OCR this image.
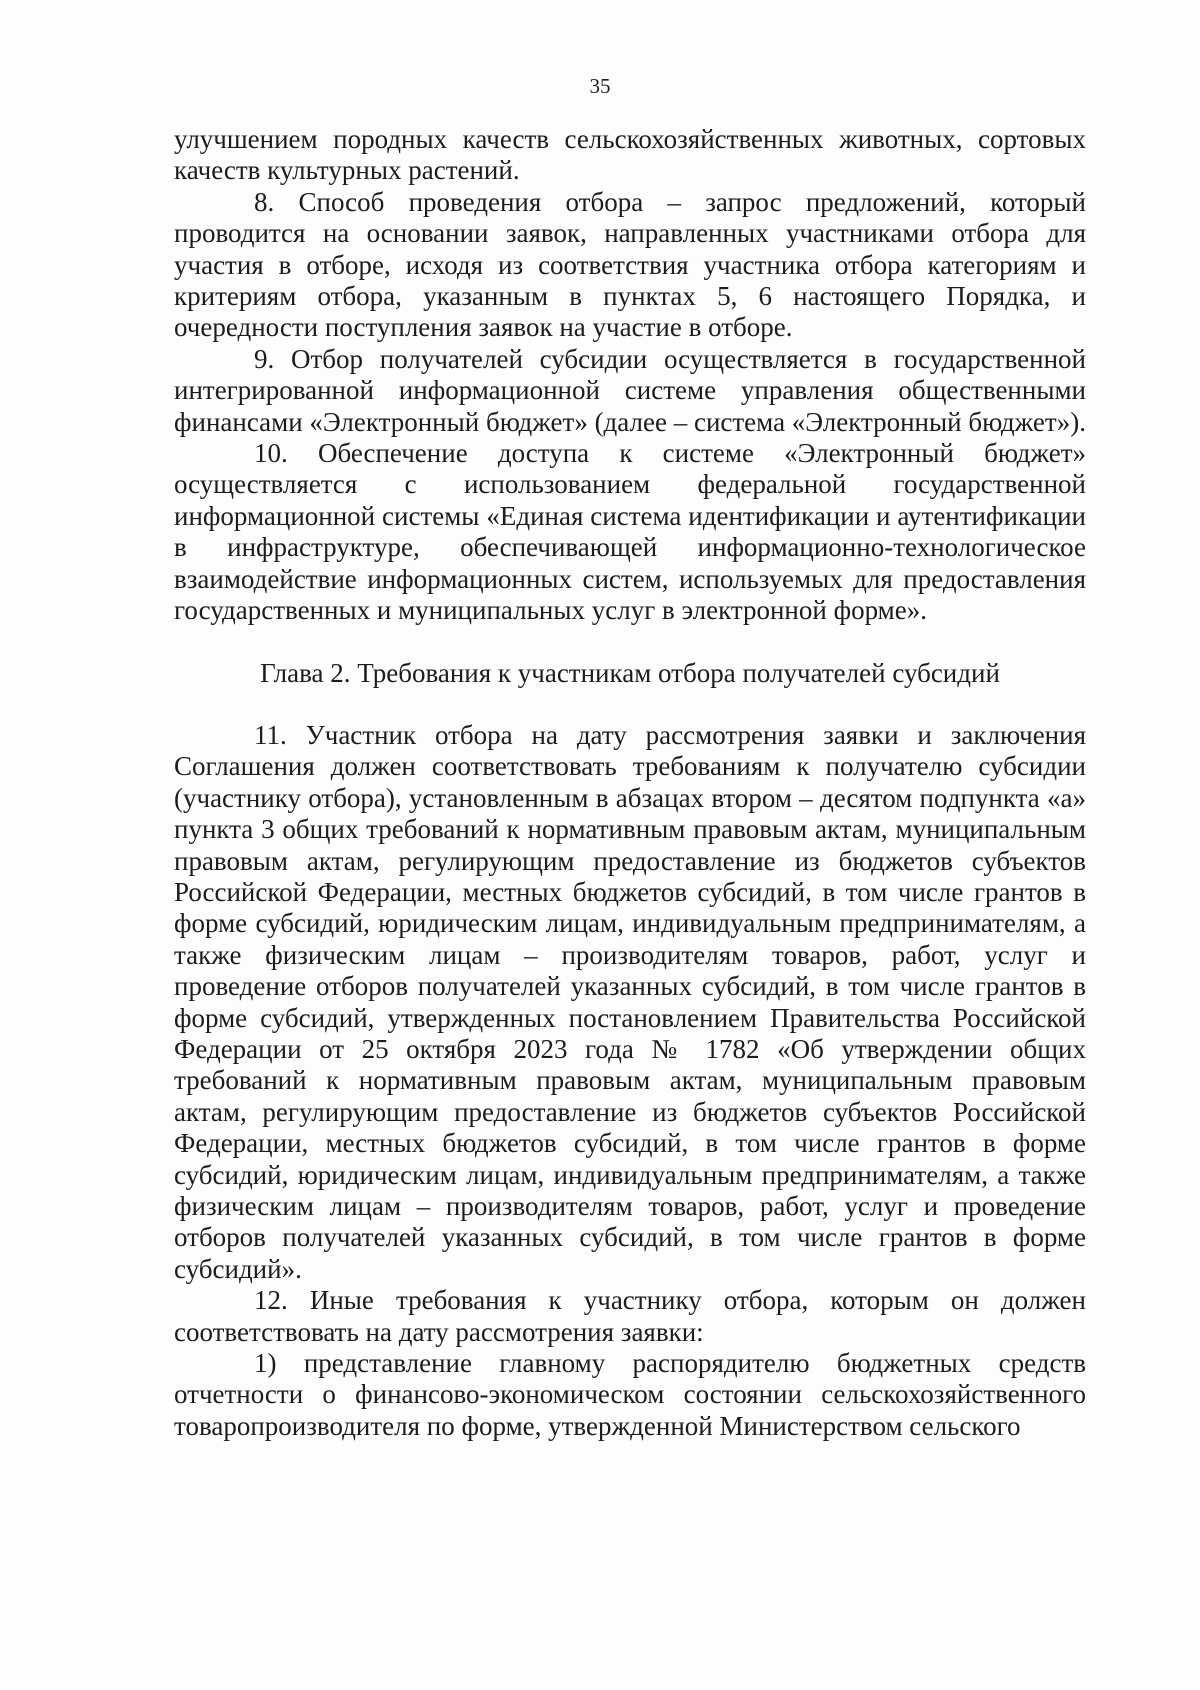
35

улучшением породных качеств сельскохозяйственных животных, сортовых качеств культурных растений.

8. Способ проведения отбора – запрос предложений, который проводится на основании заявок, направленных участниками отбора для участия в отборе, исходя из соответствия участника отбора категориям и критериям отбора, указанным в пунктах 5, 6 настоящего Порядка, и очередности поступления заявок на участие в отборе.

9. Отбор получателей субсидии осуществляется в государственной интегрированной информационной системе управления общественными финансами «Электронный бюджет» (далее – система «Электронный бюджет»).

10. Обеспечение доступа к системе «Электронный бюджет» осуществляется с использованием федеральной государственной информационной системы «Единая система идентификации и аутентификации в инфраструктуре, обеспечивающей информационно-технологическое взаимодействие информационных систем, используемых для предоставления государственных и муниципальных услуг в электронной форме».

Глава 2. Требования к участникам отбора получателей субсидий

11. Участник отбора на дату рассмотрения заявки и заключения Соглашения должен соответствовать требованиям к получателю субсидии (участнику отбора), установленным в абзацах втором – десятом подпункта «а» пункта 3 общих требований к нормативным правовым актам, муниципальным правовым актам, регулирующим предоставление из бюджетов субъектов Российской Федерации, местных бюджетов субсидий, в том числе грантов в форме субсидий, юридическим лицам, индивидуальным предпринимателям, а также физическим лицам – производителям товаров, работ, услуг и проведение отборов получателей указанных субсидий, в том числе грантов в форме субсидий, утвержденных постановлением Правительства Российской Федерации от 25 октября 2023 года № 1782 «Об утверждении общих требований к нормативным правовым актам, муниципальным правовым актам, регулирующим предоставление из бюджетов субъектов Российской Федерации, местных бюджетов субсидий, в том числе грантов в форме субсидий, юридическим лицам, индивидуальным предпринимателям, а также физическим лицам – производителям товаров, работ, услуг и проведение отборов получателей указанных субсидий, в том числе грантов в форме субсидий».

12. Иные требования к участнику отбора, которым он должен соответствовать на дату рассмотрения заявки:

1) представление главному распорядителю бюджетных средств отчетности о финансово-экономическом состоянии сельскохозяйственного товаропроизводителя по форме, утвержденной Министерством сельского
